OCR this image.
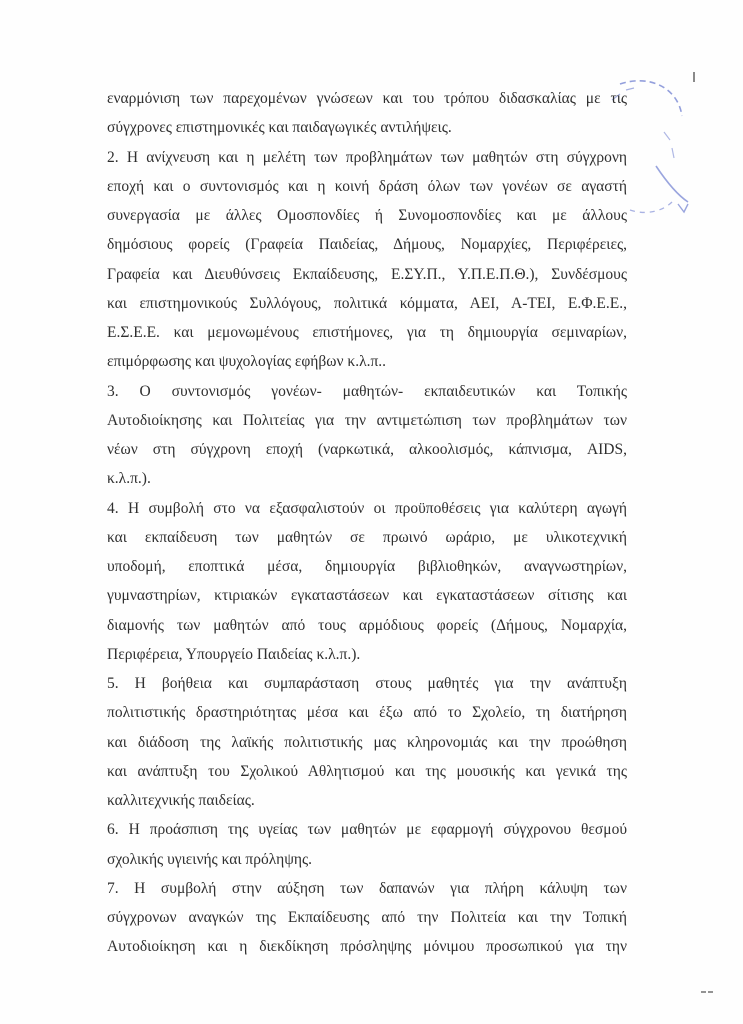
εναρμόνιση των παρεχομένων γνώσεων και του τρόπου διδασκαλίας με τις
σύγχρονες επιστημονικές και παιδαγωγικές αντιλήψεις.
2. Η ανίχνευση και η μελέτη των προβλημάτων των μαθητών στη σύγχρονη
εποχή και ο συντονισμός και η κοινή δράση όλων των γονέων σε αγαστή
συνεργασία με άλλες Ομοσπονδίες ή Συνομοσπονδίες και με άλλους
δημόσιους φορείς (Γραφεία Παιδείας, Δήμους, Νομαρχίες, Περιφέρειες,
Γραφεία και Διευθύνσεις Εκπαίδευσης, Ε.ΣΥ.Π., Υ.Π.Ε.Π.Θ.), Συνδέσμους
και επιστημονικούς Συλλόγους, πολιτικά κόμματα, ΑΕΙ, Α-ΤΕΙ, Ε.Φ.Ε.Ε.,
Ε.Σ.Ε.Ε. και μεμονωμένους επιστήμονες, για τη δημιουργία σεμιναρίων,
επιμόρφωσης και ψυχολογίας εφήβων κ.λ.π..
3. Ο συντονισμός γονέων- μαθητών- εκπαιδευτικών και Τοπικής
Αυτοδιοίκησης και Πολιτείας για την αντιμετώπιση των προβλημάτων των
νέων στη σύγχρονη εποχή (ναρκωτικά, αλκοολισμός, κάπνισμα, AIDS,
κ.λ.π.).
4. Η συμβολή στο να εξασφαλιστούν οι προϋποθέσεις για καλύτερη αγωγή
και εκπαίδευση των μαθητών σε πρωινό ωράριο, με υλικοτεχνική
υποδομή, εποπτικά μέσα, δημιουργία βιβλιοθηκών, αναγνωστηρίων,
γυμναστηρίων, κτιριακών εγκαταστάσεων και εγκαταστάσεων σίτισης και
διαμονής των μαθητών από τους αρμόδιους φορείς (Δήμους, Νομαρχία,
Περιφέρεια, Υπουργείο Παιδείας κ.λ.π.).
5. Η βοήθεια και συμπαράσταση στους μαθητές για την ανάπτυξη
πολιτιστικής δραστηριότητας μέσα και έξω από το Σχολείο, τη διατήρηση
και διάδοση της λαϊκής πολιτιστικής μας κληρονομιάς και την προώθηση
και ανάπτυξη του Σχολικού Αθλητισμού και της μουσικής και γενικά της
καλλιτεχνικής παιδείας.
6. Η προάσπιση της υγείας των μαθητών με εφαρμογή σύγχρονου θεσμού
σχολικής υγιεινής και πρόληψης.
7. Η συμβολή στην αύξηση των δαπανών για πλήρη κάλυψη των
σύγχρονων αναγκών της Εκπαίδευσης από την Πολιτεία και την Τοπική
Αυτοδιοίκηση και η διεκδίκηση πρόσληψης μόνιμου προσωπικού για την
